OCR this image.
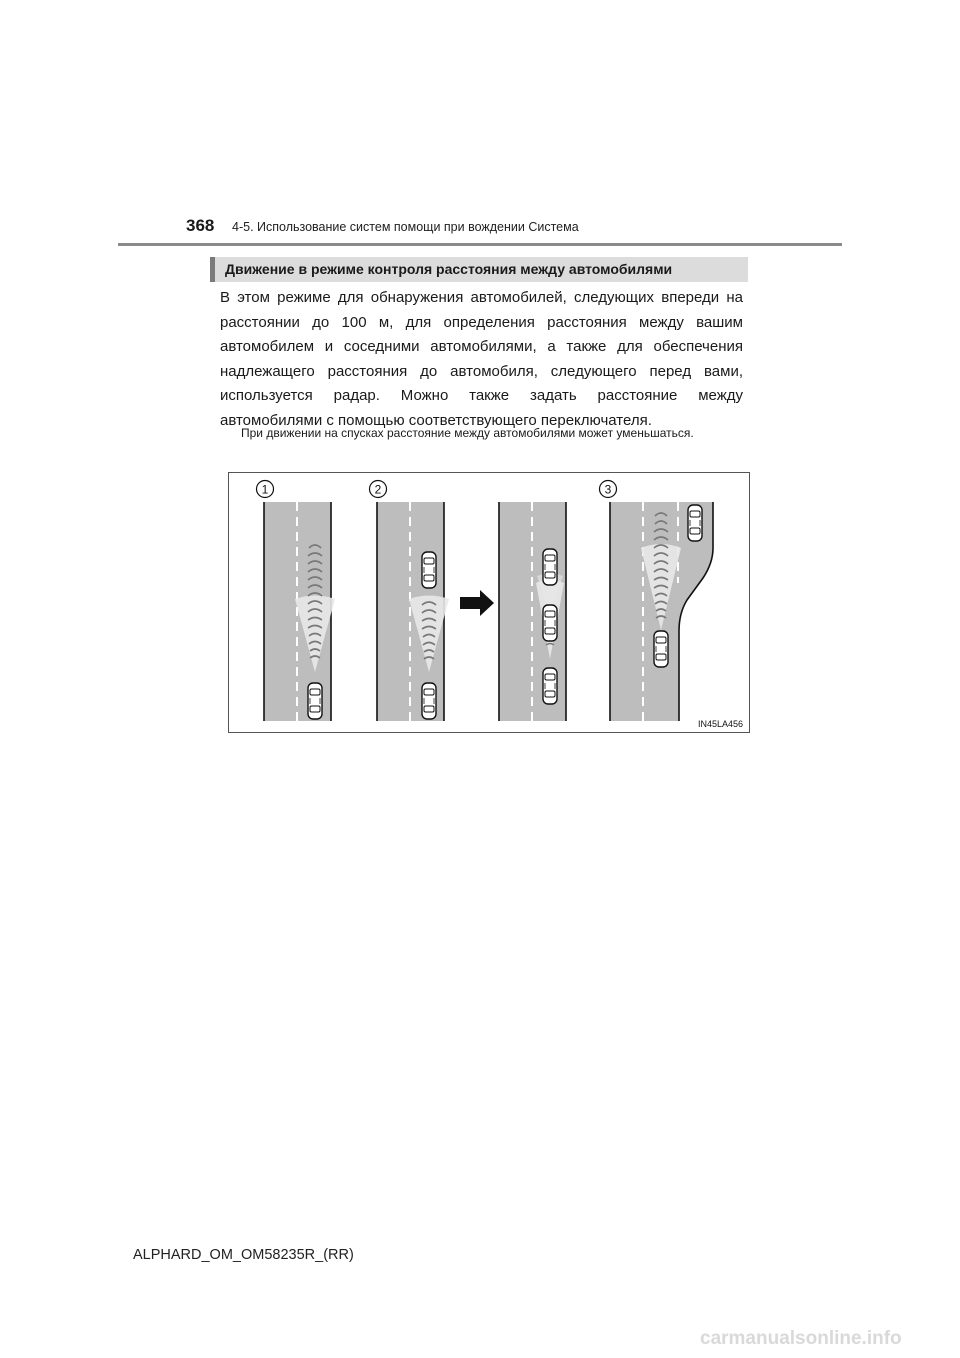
368 4-5. Использование систем помощи при вождении Система
Движение в режиме контроля расстояния между автомобилями

В этом режиме для обнаружения автомобилей, следующих впереди на расстоянии до 100 м, для определения расстояния между вашим автомобилем и соседними автомобилями, а также для обеспечения надлежащего расстояния до автомобиля, следующего перед вами, используется радар. Можно также задать расстояние между автомобилями с помощью соответствующего переключателя.

При движении на спусках расстояние между автомобилями может уменьшаться.

1	2	3
IN45LA456
ALPHARD_OM_OM58235R_(RR)
carmanualsonline.info
